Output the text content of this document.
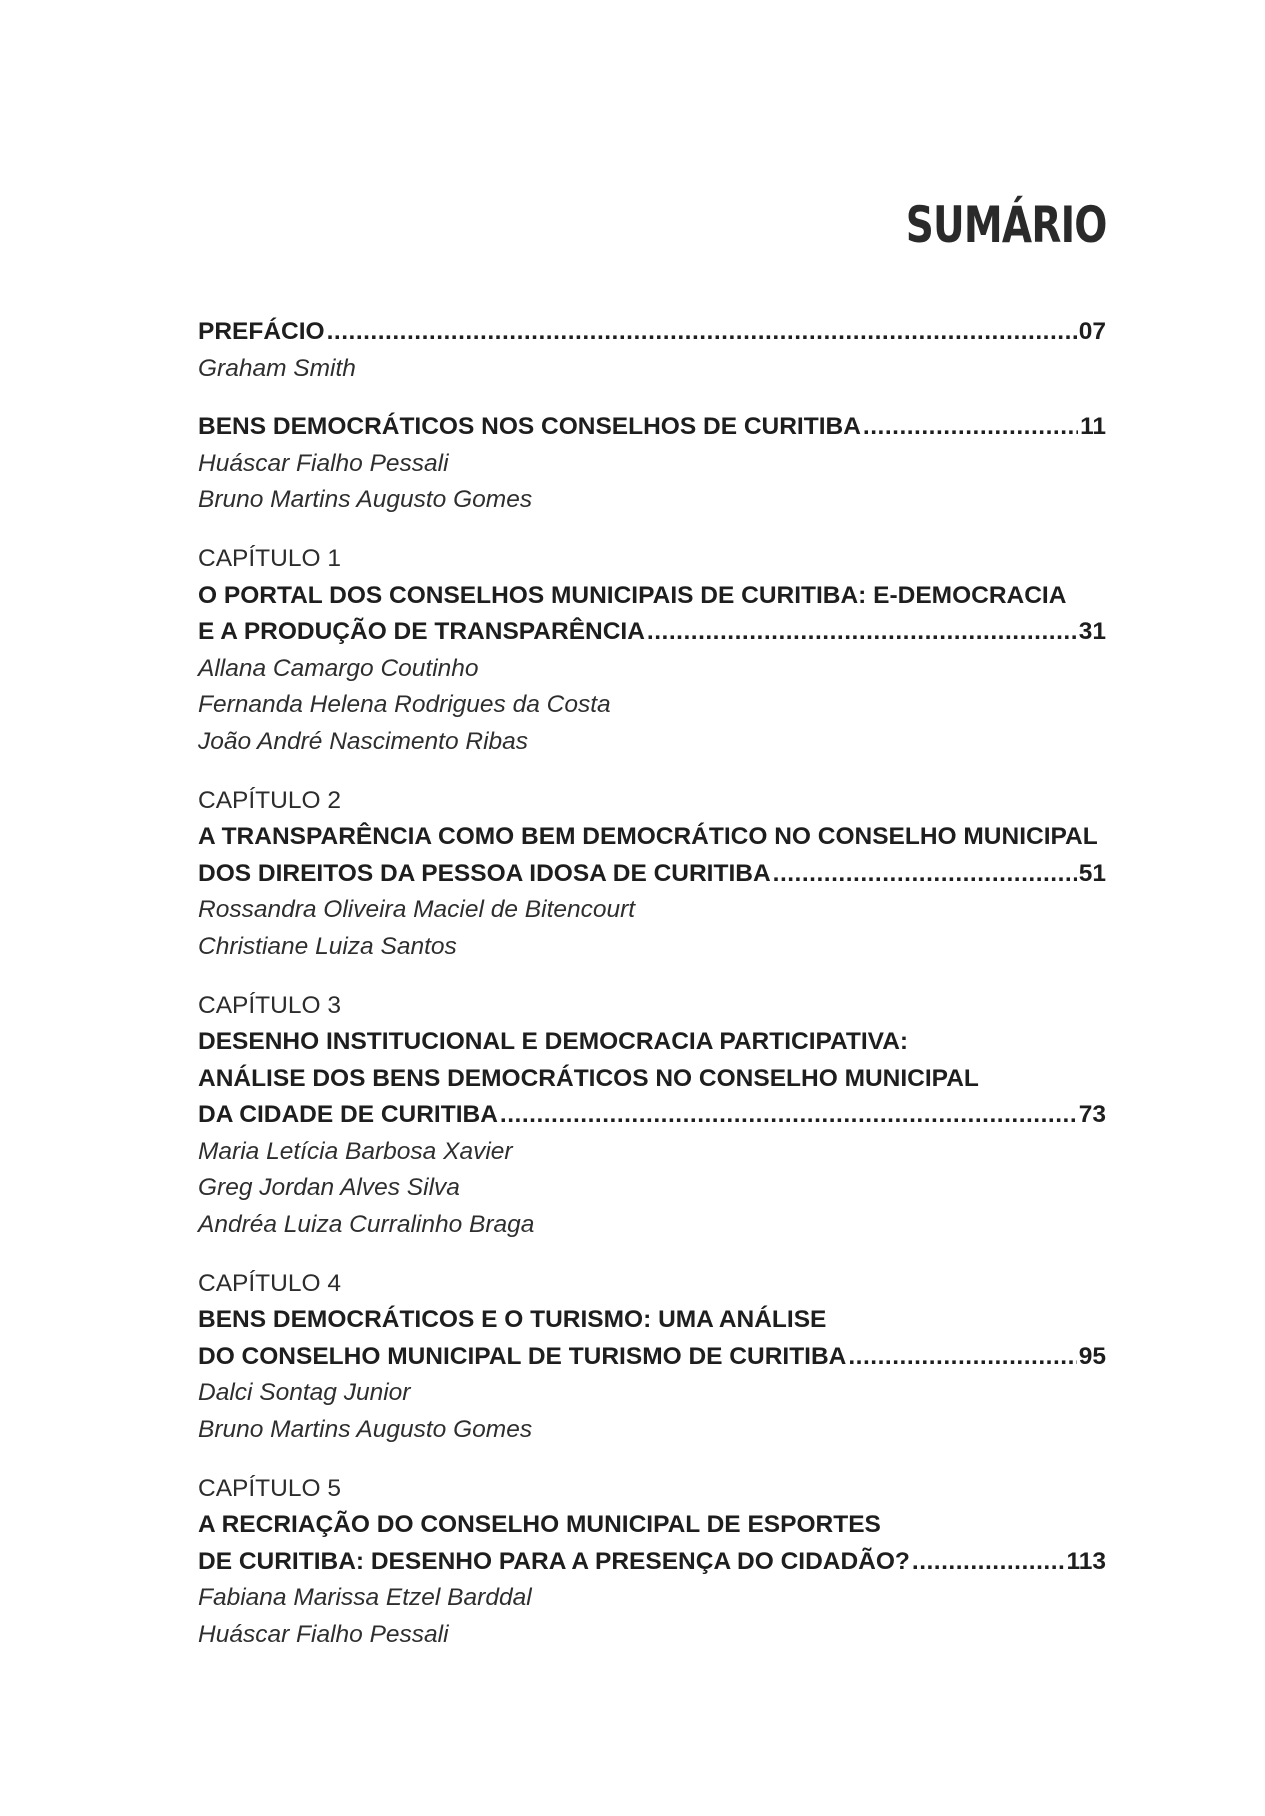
SUMÁRIO
PREFÁCIO .....	07
Graham Smith
BENS DEMOCRÁTICOS NOS CONSELHOS DE CURITIBA .....	11
Huáscar Fialho Pessali
Bruno Martins Augusto Gomes
CAPÍTULO 1
O PORTAL DOS CONSELHOS MUNICIPAIS DE CURITIBA: E-DEMOCRACIA
E A PRODUÇÃO DE TRANSPARÊNCIA .....	31
Allana Camargo Coutinho
Fernanda Helena Rodrigues da Costa
João André Nascimento Ribas
CAPÍTULO 2
A TRANSPARÊNCIA COMO BEM DEMOCRÁTICO NO CONSELHO MUNICIPAL
DOS DIREITOS DA PESSOA IDOSA DE CURITIBA .....	51
Rossandra Oliveira Maciel de Bitencourt
Christiane Luiza Santos
CAPÍTULO 3
DESENHO INSTITUCIONAL E DEMOCRACIA PARTICIPATIVA:
ANÁLISE DOS BENS DEMOCRÁTICOS NO CONSELHO MUNICIPAL
DA CIDADE DE CURITIBA .....	73
Maria Letícia Barbosa Xavier
Greg Jordan Alves Silva
Andréa Luiza Curralinho Braga
CAPÍTULO 4
BENS DEMOCRÁTICOS E O TURISMO: UMA ANÁLISE
DO CONSELHO MUNICIPAL DE TURISMO DE CURITIBA .....	95
Dalci Sontag Junior
Bruno Martins Augusto Gomes
CAPÍTULO 5
A RECRIAÇÃO DO CONSELHO MUNICIPAL DE ESPORTES
DE CURITIBA: DESENHO PARA A PRESENÇA DO CIDADÃO? .....	113
Fabiana Marissa Etzel Barddal
Huáscar Fialho Pessali
